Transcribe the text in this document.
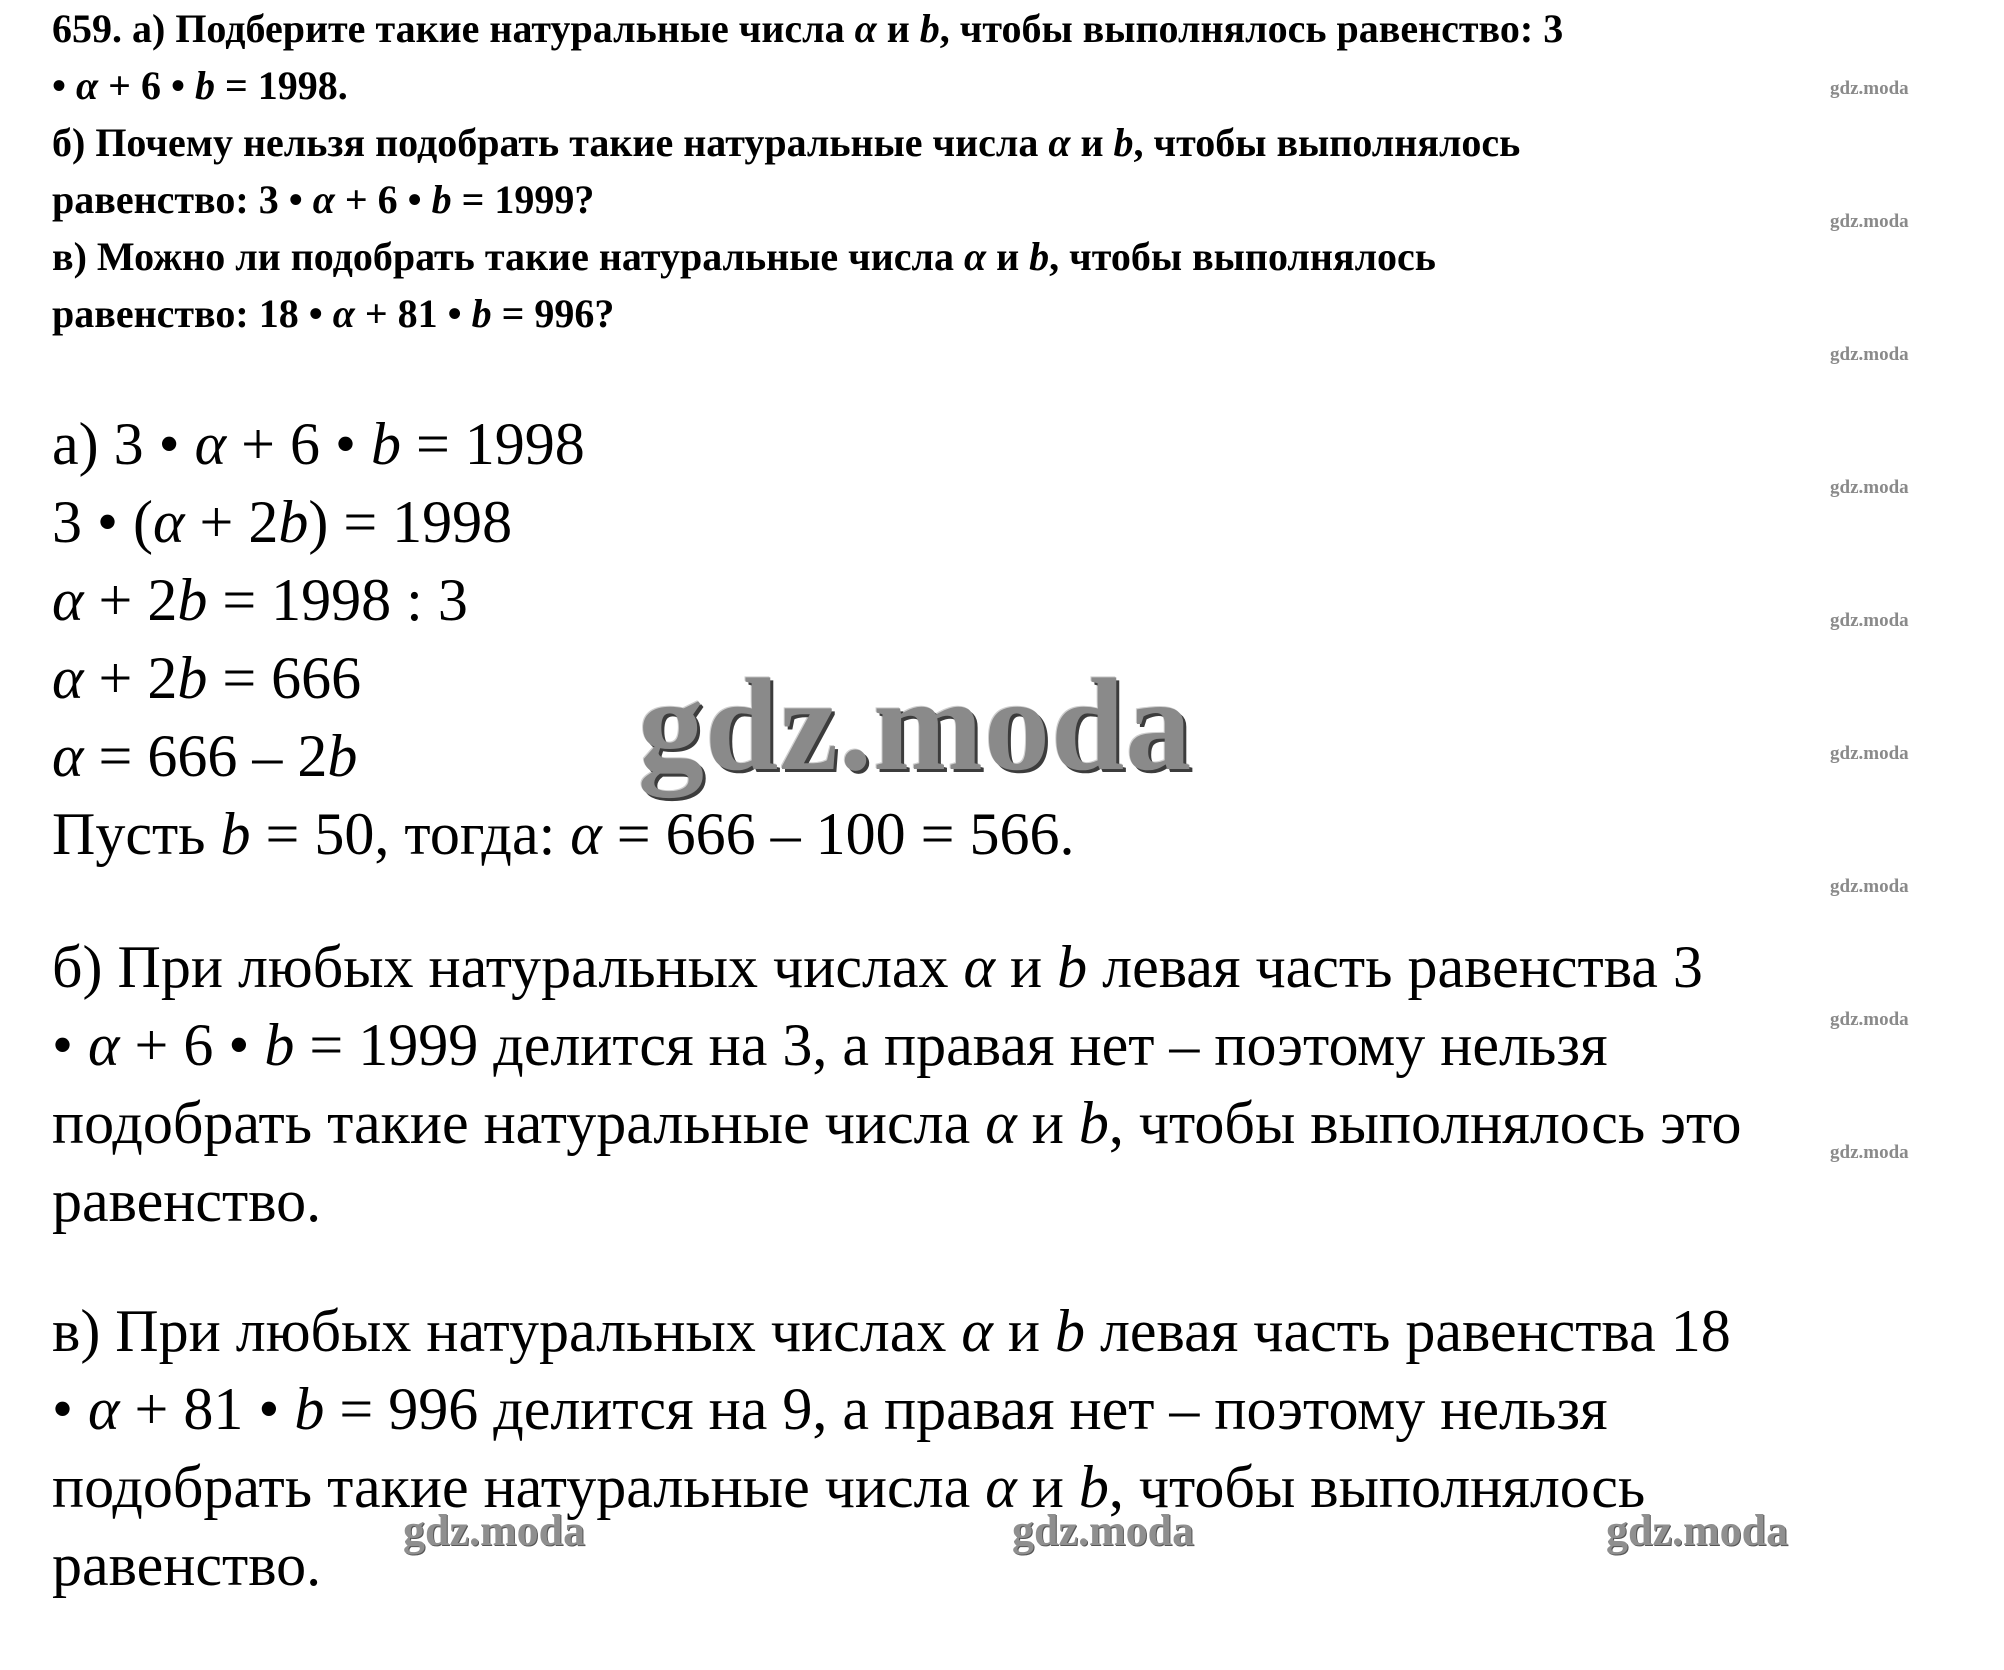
659. а) Подберите такие натуральные числа α и b, чтобы выполнялось равенство: 3

• α + 6 • b = 1998.

б) Почему нельзя подобрать такие натуральные числа α и b, чтобы выполнялось

равенство: 3 • α + 6 • b = 1999?

в) Можно ли подобрать такие натуральные числа α и b, чтобы выполнялось

равенство: 18 • α + 81 • b = 996?

а) 3 • α + 6 • b = 1998

3 • (α + 2b) = 1998

α + 2b = 1998 : 3

α + 2b = 666

α = 666 – 2b

Пусть b = 50, тогда: α = 666 – 100 = 566.

б) При любых натуральных числах α и b левая часть равенства 3

• α + 6 • b = 1999 делится на 3, а правая нет – поэтому нельзя

подобрать такие натуральные числа α и b, чтобы выполнялось это

равенство.

в) При любых натуральных числах α и b левая часть равенства 18

• α + 81 • b = 996 делится на 9, а правая нет – поэтому нельзя

подобрать такие натуральные числа α и b, чтобы выполнялось

равенство.

gdz.moda
gdz.moda
gdz.moda
gdz.moda
gdz.moda
gdz.moda
gdz.moda
gdz.moda
gdz.moda
gdz.moda
gdz.moda	gdz.moda	gdz.moda
